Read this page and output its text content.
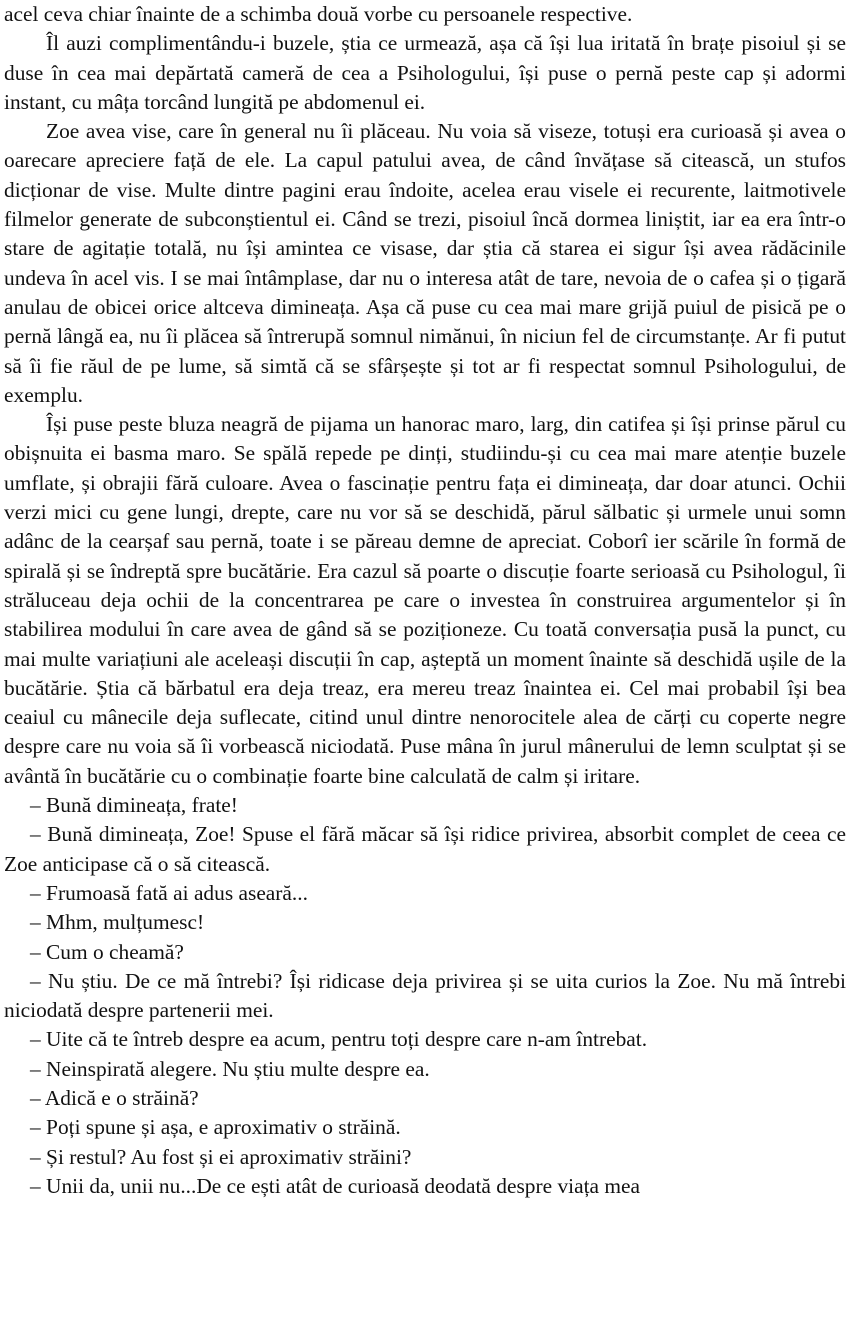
acel ceva chiar înainte de a schimba două vorbe cu persoanele respective.

Îl auzi complimentându-i buzele, știa ce urmează, așa că își lua iritată în brațe pisoiul și se duse în cea mai depărtată cameră de cea a Psihologului, își puse o pernă peste cap și adormi instant, cu mâța torcând lungită pe abdomenul ei.

Zoe avea vise, care în general nu îi plăceau. Nu voia să viseze, totuși era curioasă și avea o oarecare apreciere față de ele. La capul patului avea, de când învățase să citească, un stufos dicționar de vise. Multe dintre pagini erau îndoite, acelea erau visele ei recurente, laitmotivele filmelor generate de subconștientul ei. Când se trezi, pisoiul încă dormea liniștit, iar ea era într-o stare de agitație totală, nu își amintea ce visase, dar știa că starea ei sigur își avea rădăcinile undeva în acel vis. I se mai întâmplase, dar nu o interesa atât de tare, nevoia de o cafea și o țigară anulau de obicei orice altceva dimineața. Așa că puse cu cea mai mare grijă puiul de pisică pe o pernă lângă ea, nu îi plăcea să întrerupă somnul nimănui, în niciun fel de circumstanțe. Ar fi putut să îi fie răul de pe lume, să simtă că se sfârșește și tot ar fi respectat somnul Psihologului, de exemplu.

Își puse peste bluza neagră de pijama un hanorac maro, larg, din catifea și își prinse părul cu obișnuita ei basma maro. Se spălă repede pe dinți, studiindu-și cu cea mai mare atenție buzele umflate, și obrajii fără culoare. Avea o fascinație pentru fața ei dimineața, dar doar atunci. Ochii verzi mici cu gene lungi, drepte, care nu vor să se deschidă, părul sălbatic și urmele unui somn adânc de la cearșaf sau pernă, toate i se păreau demne de apreciat. Coborî ier scările în formă de spirală și se îndreptă spre bucătărie. Era cazul să poarte o discuție foarte serioasă cu Psihologul, îi străluceau deja ochii de la concentrarea pe care o investea în construirea argumentelor și în stabilirea modului în care avea de gând să se poziționeze. Cu toată conversația pusă la punct, cu mai multe variațiuni ale aceleași discuții în cap, așteptă un moment înainte să deschidă ușile de la bucătărie. Știa că bărbatul era deja treaz, era mereu treaz înaintea ei. Cel mai probabil își bea ceaiul cu mânecile deja suflecate, citind unul dintre nenorocitele alea de cărți cu coperte negre despre care nu voia să îi vorbească niciodată. Puse mâna în jurul mânerului de lemn sculptat și se avântă în bucătărie cu o combinație foarte bine calculată de calm și iritare.

– Bună dimineața, frate!

– Bună dimineața, Zoe! Spuse el fără măcar să își ridice privirea, absorbit complet de ceea ce Zoe anticipase că o să citească.

– Frumoasă fată ai adus aseară...

– Mhm, mulțumesc!

– Cum o cheamă?

– Nu știu. De ce mă întrebi? Își ridicase deja privirea și se uita curios la Zoe. Nu mă întrebi niciodată despre partenerii mei.

– Uite că te întreb despre ea acum, pentru toți despre care n-am întrebat.

– Neinspirată alegere. Nu știu multe despre ea.

– Adică e o străină?

– Poți spune și așa, e aproximativ o străină.

– Și restul? Au fost și ei aproximativ străini?

– Unii da, unii nu...De ce ești atât de curioasă deodată despre viața mea
